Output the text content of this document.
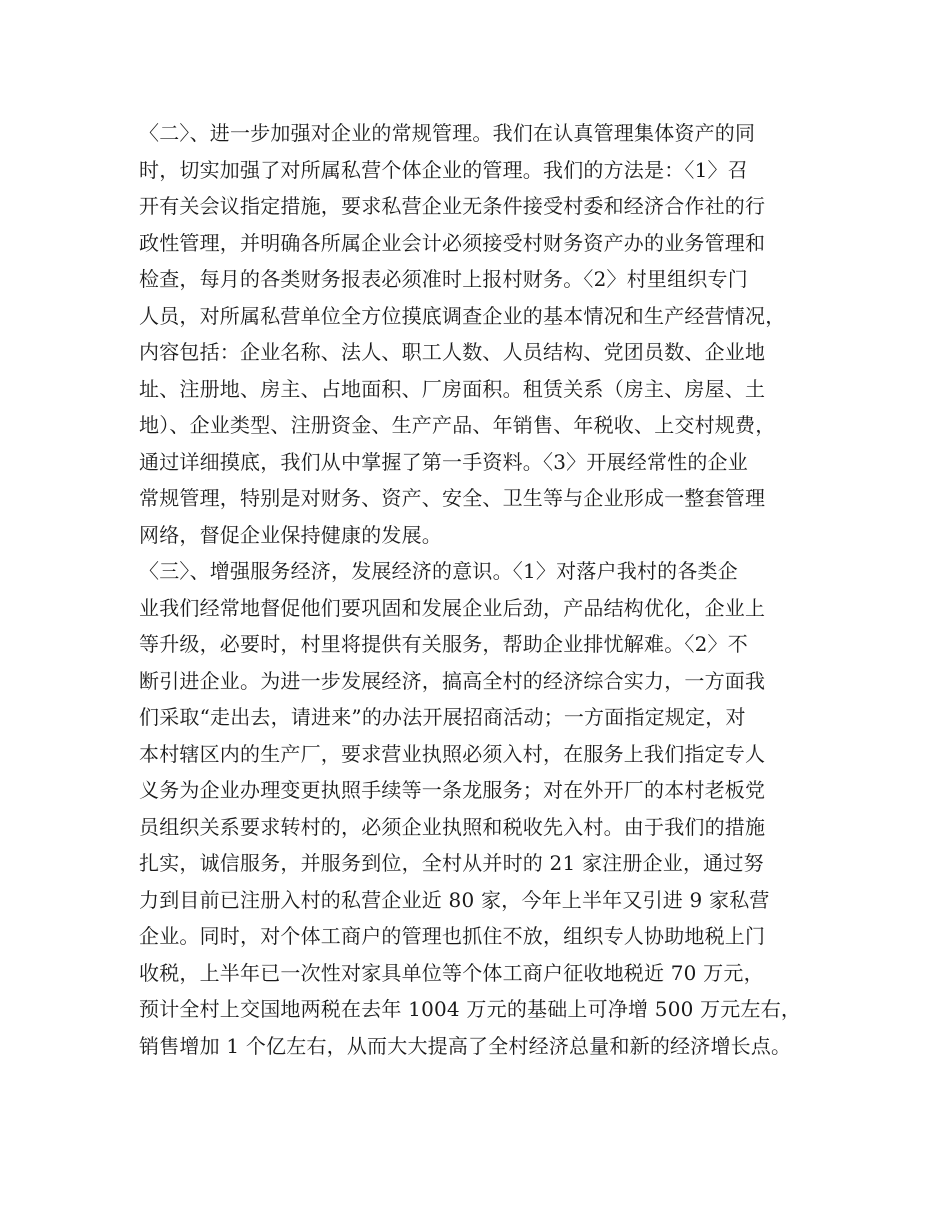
〈二〉、进一步加强对企业的常规管理。我们在认真管理集体资产的同
时，切实加强了对所属私营个体企业的管理。我们的方法是：〈1〉召
开有关会议指定措施，要求私营企业无条件接受村委和经济合作社的行
政性管理，并明确各所属企业会计必须接受村财务资产办的业务管理和
检查，每月的各类财务报表必须准时上报村财务。〈2〉村里组织专门
人员，对所属私营单位全方位摸底调查企业的基本情况和生产经营情况，
内容包括：企业名称、法人、职工人数、人员结构、党团员数、企业地
址、注册地、房主、占地面积、厂房面积。租赁关系（房主、房屋、土
地）、企业类型、注册资金、生产产品、年销售、年税收、上交村规费，
通过详细摸底，我们从中掌握了第一手资料。〈3〉开展经常性的企业
常规管理，特别是对财务、资产、安全、卫生等与企业形成一整套管理
网络，督促企业保持健康的发展。
〈三〉、增强服务经济，发展经济的意识。〈1〉对落户我村的各类企
业我们经常地督促他们要巩固和发展企业后劲，产品结构优化，企业上
等升级，必要时，村里将提供有关服务，帮助企业排忧解难。〈2〉不
断引进企业。为进一步发展经济，搞高全村的经济综合实力，一方面我
们采取“走出去，请进来”的办法开展招商活动；一方面指定规定，对
本村辖区内的生产厂，要求营业执照必须入村，在服务上我们指定专人
义务为企业办理变更执照手续等一条龙服务；对在外开厂的本村老板党
员组织关系要求转村的，必须企业执照和税收先入村。由于我们的措施
扎实，诚信服务，并服务到位，全村从并时的 21 家注册企业，通过努
力到目前已注册入村的私营企业近 80 家，今年上半年又引进 9 家私营
企业。同时，对个体工商户的管理也抓住不放，组织专人协助地税上门
收税，上半年已一次性对家具单位等个体工商户征收地税近 70 万元，
预计全村上交国地两税在去年 1004 万元的基础上可净增 500 万元左右，
销售增加 1 个亿左右，从而大大提高了全村经济总量和新的经济增长点。
